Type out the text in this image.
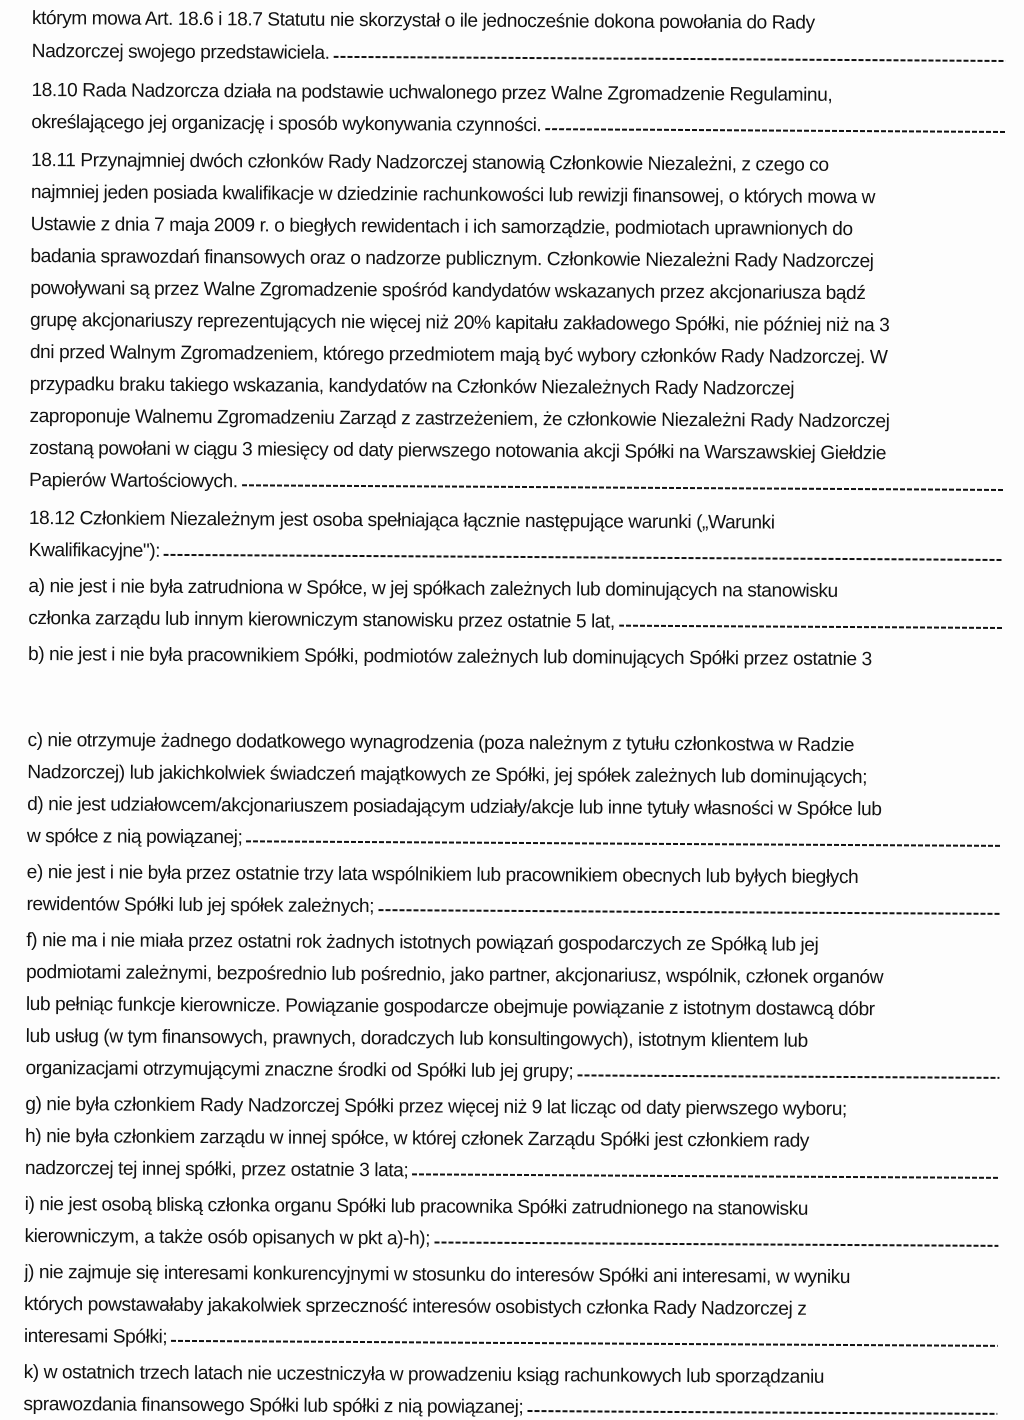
którym mowa Art. 18.6 i 18.7 Statutu nie skorzystał o ile jednocześnie dokona powołania do Rady
Nadzorczej swojego przedstawiciela.
18.10 Rada Nadzorcza działa na podstawie uchwalonego przez Walne Zgromadzenie Regulaminu,
określającego jej organizację i sposób wykonywania czynności.
18.11 Przynajmniej dwóch członków Rady Nadzorczej stanowią Członkowie Niezależni, z czego co
najmniej jeden posiada kwalifikacje w dziedzinie rachunkowości lub rewizji finansowej, o których mowa w
Ustawie z dnia 7 maja 2009 r. o biegłych rewidentach i ich samorządzie, podmiotach uprawnionych do
badania sprawozdań finansowych oraz o nadzorze publicznym. Członkowie Niezależni Rady Nadzorczej
powoływani są przez Walne Zgromadzenie spośród kandydatów wskazanych przez akcjonariusza bądź
grupę akcjonariuszy reprezentujących nie więcej niż 20% kapitału zakładowego Spółki, nie później niż na 3
dni przed Walnym Zgromadzeniem, którego przedmiotem mają być wybory członków Rady Nadzorczej. W
przypadku braku takiego wskazania, kandydatów na Członków Niezależnych Rady Nadzorczej
zaproponuje Walnemu Zgromadzeniu Zarząd z zastrzeżeniem, że członkowie Niezależni Rady Nadzorczej
zostaną powołani w ciągu 3 miesięcy od daty pierwszego notowania akcji Spółki na Warszawskiej Giełdzie
Papierów Wartościowych.
18.12 Członkiem Niezależnym jest osoba spełniająca łącznie następujące warunki („Warunki
Kwalifikacyjne"):
a) nie jest i nie była zatrudniona w Spółce, w jej spółkach zależnych lub dominujących na stanowisku
członka zarządu lub innym kierowniczym stanowisku przez ostatnie 5 lat,
b) nie jest i nie była pracownikiem Spółki, podmiotów zależnych lub dominujących Spółki przez ostatnie 3
c) nie otrzymuje żadnego dodatkowego wynagrodzenia (poza należnym z tytułu członkostwa w Radzie
Nadzorczej) lub jakichkolwiek świadczeń majątkowych ze Spółki, jej spółek zależnych lub dominujących;
d) nie jest udziałowcem/akcjonariuszem posiadającym udziały/akcje lub inne tytuły własności w Spółce lub
w spółce z nią powiązanej;
e) nie jest i nie była przez ostatnie trzy lata wspólnikiem lub pracownikiem obecnych lub byłych biegłych
rewidentów Spółki lub jej spółek zależnych;
f) nie ma i nie miała przez ostatni rok żadnych istotnych powiązań gospodarczych ze Spółką lub jej
podmiotami zależnymi, bezpośrednio lub pośrednio, jako partner, akcjonariusz, wspólnik, członek organów
lub pełniąc funkcje kierownicze. Powiązanie gospodarcze obejmuje powiązanie z istotnym dostawcą dóbr
lub usług (w tym finansowych, prawnych, doradczych lub konsultingowych), istotnym klientem lub
organizacjami otrzymującymi znaczne środki od Spółki lub jej grupy;
g) nie była członkiem Rady Nadzorczej Spółki przez więcej niż 9 lat licząc od daty pierwszego wyboru;
h) nie była członkiem zarządu w innej spółce, w której członek Zarządu Spółki jest członkiem rady
nadzorczej tej innej spółki, przez ostatnie 3 lata;
i) nie jest osobą bliską członka organu Spółki lub pracownika Spółki zatrudnionego na stanowisku
kierowniczym, a także osób opisanych w pkt a)-h);
j) nie zajmuje się interesami konkurencyjnymi w stosunku do interesów Spółki ani interesami, w wyniku
których powstawałaby jakakolwiek sprzeczność interesów osobistych członka Rady Nadzorczej z
interesami Spółki;
k) w ostatnich trzech latach nie uczestniczyła w prowadzeniu ksiąg rachunkowych lub sporządzaniu
sprawozdania finansowego Spółki lub spółki z nią powiązanej;
